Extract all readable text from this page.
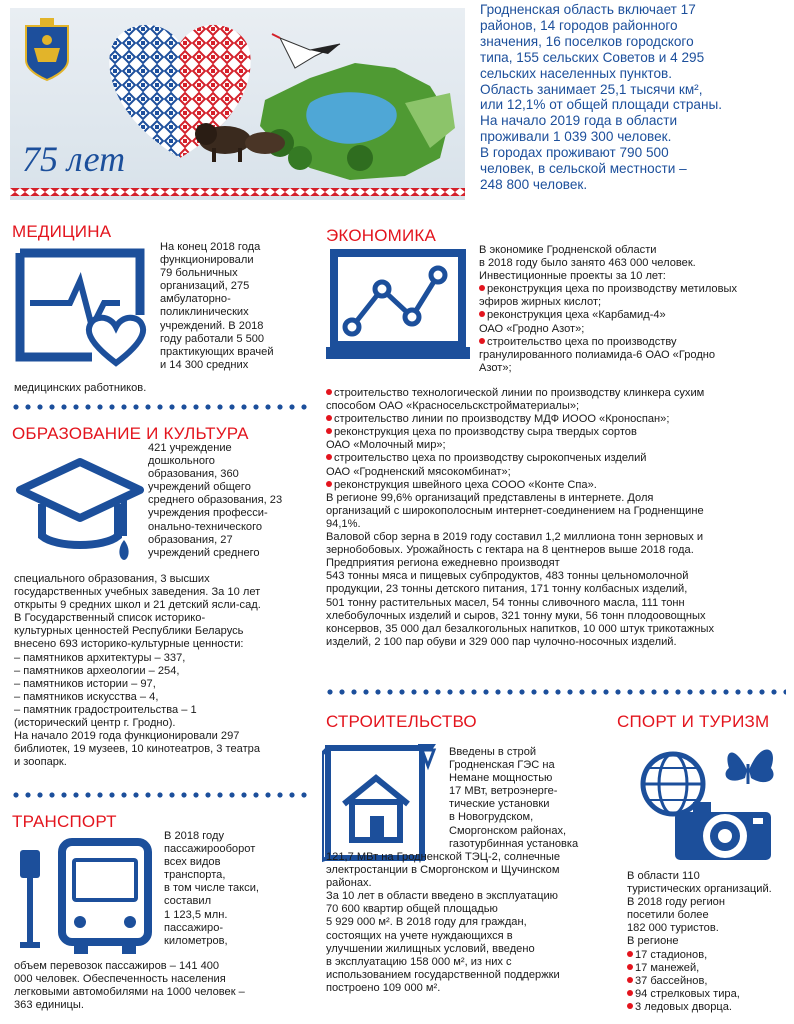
75 лет
Гродненская область включает 17
районов, 14 городов районного
значения, 16 поселков городского
типа, 155 сельских Советов и 4 295
сельских населенных пунктов.
Область занимает 25,1 тысячи км²,
или 12,1% от общей площади страны.
На начало 2019 года в области
проживали 1 039 300 человек.
В городах проживают 790 500
человек, в сельской местности –
248 800 человек.
МЕДИЦИНА
На конец 2018 года
функционировали
79 больничных
организаций, 275
амбулаторно-
поликлинических
учреждений. В 2018
году работали 5 500
практикующих врачей
и 14 300 средних
медицинских работников.
ОБРАЗОВАНИЕ И КУЛЬТУРА
421 учреждение
дошкольного
образования, 360
учреждений общего
среднего образования, 23
учреждения професси-
онально-технического
образования, 27
учреждений среднего
специального образования, 3 высших
государственных учебных заведения. За 10 лет
открыты 9 средних школ и 21 детский ясли-сад.
В Государственный список историко-
культурных ценностей Республики Беларусь
внесено 693 историко-культурные ценности:
– памятников архитектуры – 337,
– памятников археологии – 254,
– памятников истории – 97,
– памятников искусства – 4,
– памятник градостроительства – 1
(исторический центр г. Гродно).
На начало 2019 года функционировали 297
библиотек, 19 музеев, 10 кинотеатров, 3 театра
и зоопарк.
ТРАНСПОРТ
В 2018 году
пассажирооборот
всех видов
транспорта,
в том числе такси,
составил
1 123,5 млн.
пассажиро-
километров,
объем перевозок пассажиров – 141 400
000 человек. Обеспеченность населения
легковыми автомобилями на 1000 человек –
363 единицы.
ЭКОНОМИКА
В экономике Гродненской области
в 2018 году было занято 463 000 человек.
Инвестиционные проекты за 10 лет:
реконструкция цеха по производству метиловых
эфиров жирных кислот;
реконструкция цеха «Карбамид-4»
ОАО «Гродно Азот»;
строительство цеха по производству
гранулированного полиамида-6 ОАО «Гродно
Азот»;
строительство технологической линии по производству клинкера сухим
способом ОАО «Красносельскстройматериалы»;
строительство линии по производству МДФ ИООО «Кроноспан»;
реконструкция цеха по производству сыра твердых сортов
ОАО «Молочный мир»;
строительство цеха по производству сырокопченых изделий
ОАО «Гродненский мясокомбинат»;
реконструкция швейного цеха СООО «Конте Спа».
В регионе 99,6% организаций представлены в интернете. Доля
организаций с широкополосным интернет-соединением на Гродненщине
94,1%.
Валовой сбор зерна в 2019 году составил 1,2 миллиона тонн зерновых и
зернобобовых. Урожайность с гектара на 8 центнеров выше 2018 года.
Предприятия региона ежедневно производят
543 тонны мяса и пищевых субпродуктов, 483 тонны цельномолочной
продукции, 23 тонны детского питания, 171 тонну колбасных изделий,
501 тонну растительных масел, 54 тонны сливочного масла, 111 тонн
хлебобулочных изделий и сыров, 321 тонну муки, 56 тонн плодоовощных
консервов, 35 000 дал безалкогольных напитков, 10 000 штук трикотажных
изделий, 2 100 пар обуви и 329 000 пар чулочно-носочных изделий.
СТРОИТЕЛЬСТВО
Введены в строй
Гродненская ГЭС на
Немане мощностью
17 МВт, ветроэнерге-
тические установки
в Новогрудском,
Сморгонском районах,
газотурбинная установка
121,7 МВт на Гродненской ТЭЦ-2, солнечные
электростанции в Сморгонском и Щучинском
районах.
За 10 лет в области введено в эксплуатацию
70 600 квартир общей площадью
5 929 000 м². В 2018 году для граждан,
состоящих на учете нуждающихся в
улучшении жилищных условий, введено
в эксплуатацию 158 000 м², из них с
использованием государственной поддержки
построено 109 000 м².
СПОРТ И ТУРИЗМ
В области 110
туристических организаций.
В 2018 году регион
посетили более
182 000 туристов.
В регионе
17 стадионов,
17 манежей,
37 бассейнов,
94 стрелковых тира,
3 ледовых дворца.
